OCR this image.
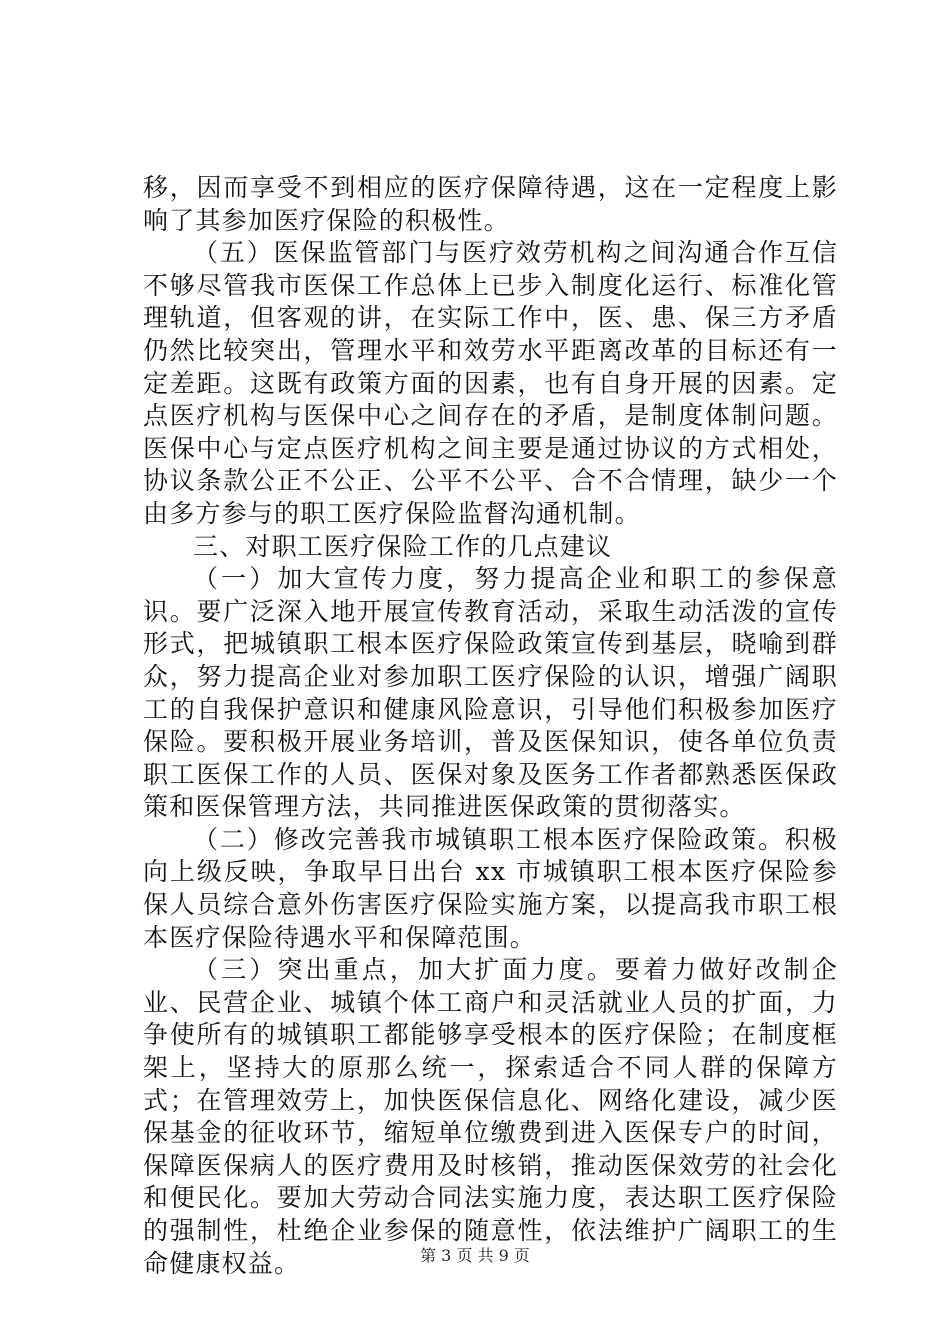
移，因而享受不到相应的医疗保障待遇，这在一定程度上影响了其参加医疗保险的积极性。

（五）医保监管部门与医疗效劳机构之间沟通合作互信不够尽管我市医保工作总体上已步入制度化运行、标准化管理轨道，但客观的讲，在实际工作中，医、患、保三方矛盾仍然比较突出，管理水平和效劳水平距离改革的目标还有一定差距。这既有政策方面的因素，也有自身开展的因素。定点医疗机构与医保中心之间存在的矛盾，是制度体制问题。医保中心与定点医疗机构之间主要是通过协议的方式相处，协议条款公正不公正、公平不公平、合不合情理，缺少一个由多方参与的职工医疗保险监督沟通机制。

三、对职工医疗保险工作的几点建议

（一）加大宣传力度，努力提高企业和职工的参保意识。要广泛深入地开展宣传教育活动，采取生动活泼的宣传形式，把城镇职工根本医疗保险政策宣传到基层，晓喻到群众，努力提高企业对参加职工医疗保险的认识，增强广阔职工的自我保护意识和健康风险意识，引导他们积极参加医疗保险。要积极开展业务培训，普及医保知识，使各单位负责职工医保工作的人员、医保对象及医务工作者都熟悉医保政策和医保管理方法，共同推进医保政策的贯彻落实。

（二）修改完善我市城镇职工根本医疗保险政策。积极向上级反映，争取早日出台 xx 市城镇职工根本医疗保险参保人员综合意外伤害医疗保险实施方案，以提高我市职工根本医疗保险待遇水平和保障范围。

（三）突出重点，加大扩面力度。要着力做好改制企业、民营企业、城镇个体工商户和灵活就业人员的扩面，力争使所有的城镇职工都能够享受根本的医疗保险；在制度框架上，坚持大的原那么统一，探索适合不同人群的保障方式；在管理效劳上，加快医保信息化、网络化建设，减少医保基金的征收环节，缩短单位缴费到进入医保专户的时间，保障医保病人的医疗费用及时核销，推动医保效劳的社会化和便民化。要加大劳动合同法实施力度，表达职工医疗保险的强制性，杜绝企业参保的随意性，依法维护广阔职工的生命健康权益。	第 3 页 共 9 页
